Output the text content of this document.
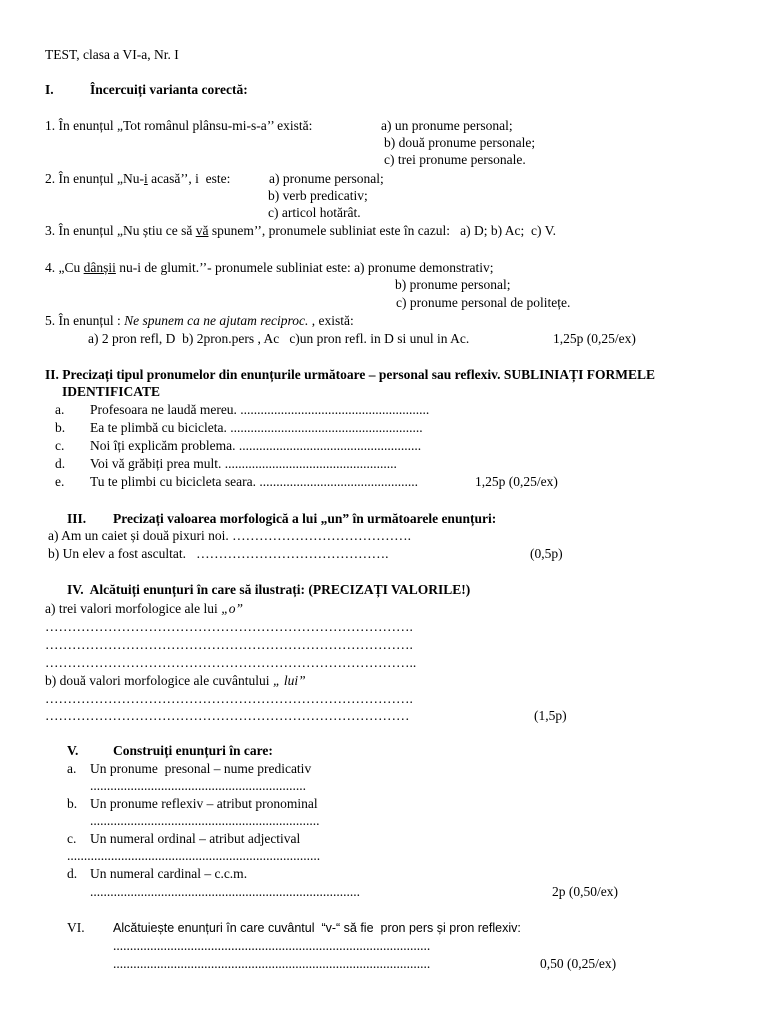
TEST, clasa a VI-a, Nr. I
I.	Încercuiți varianta corectă:
1. În enunțul „Tot românul plânsu-mi-s-a’’ există:	a) un pronume personal;
b) două pronume personale;
c) trei pronume personale.
2. În enunțul „Nu-i acasă’’, i  este:	a) pronume personal;
b) verb predicativ;
c) articol hotărât.
3. În enunțul „Nu știu ce să vă spunem’’, pronumele subliniat este în cazul:   a) D; b) Ac;  c) V.
4. „Cu dânșii nu-i de glumit.’’- pronumele subliniat este: a) pronume demonstrativ;
b) pronume personal;
c) pronume personal de politețe.
5. În enunțul : Ne spunem ca ne ajutam reciproc. , există:
a) 2 pron refl, D  b) 2pron.pers , Ac   c)un pron refl. in D si unul in Ac.	1,25p (0,25/ex)
II. Precizați tipul pronumelor din enunțurile următoare – personal sau reflexiv. SUBLINIAȚI FORMELE
IDENTIFICATE
a. Profesoara ne laudă mereu. ........................................................
b. Ea te plimbă cu bicicleta. .........................................................
c. Noi îți explicăm problema. ......................................................
d. Voi vă grăbiți prea mult. ...................................................
e. Tu te plimbi cu bicicleta seara. ...............................................	1,25p (0,25/ex)
III. Precizați valoarea morfologică a lui „un” în următoarele enunțuri:
a) Am un caiet și două pixuri noi. ………………………………….
b) Un elev a fost ascultat.   …………………………………….	(0,5p)
IV.  Alcătuiți enunțuri în care să ilustrați: (PRECIZAȚI VALORILE!)
a) trei valori morfologice ale lui „o”
……………………………………………………………………….
……………………………………………………………………….
………………………………………………………………………..
b) două valori morfologice ale cuvântului „ lui”
……………………………………………………………………….
………………………………………………………………………	(1,5p)
V.	Construiți enunțuri în care:
a. Un pronume  presonal – nume predicativ
................................................................
b. Un pronume reflexiv – atribut pronominal
....................................................................
c. Un numeral ordinal – atribut adjectival
...........................................................................
d. Un numeral cardinal – c.c.m.
................................................................................	2p (0,50/ex)
VI. Alcătuiește enunțuri în care cuvântul  “v-“ să fie  pron pers și pron reflexiv:
..............................................................................................
..............................................................................................	0,50 (0,25/ex)
